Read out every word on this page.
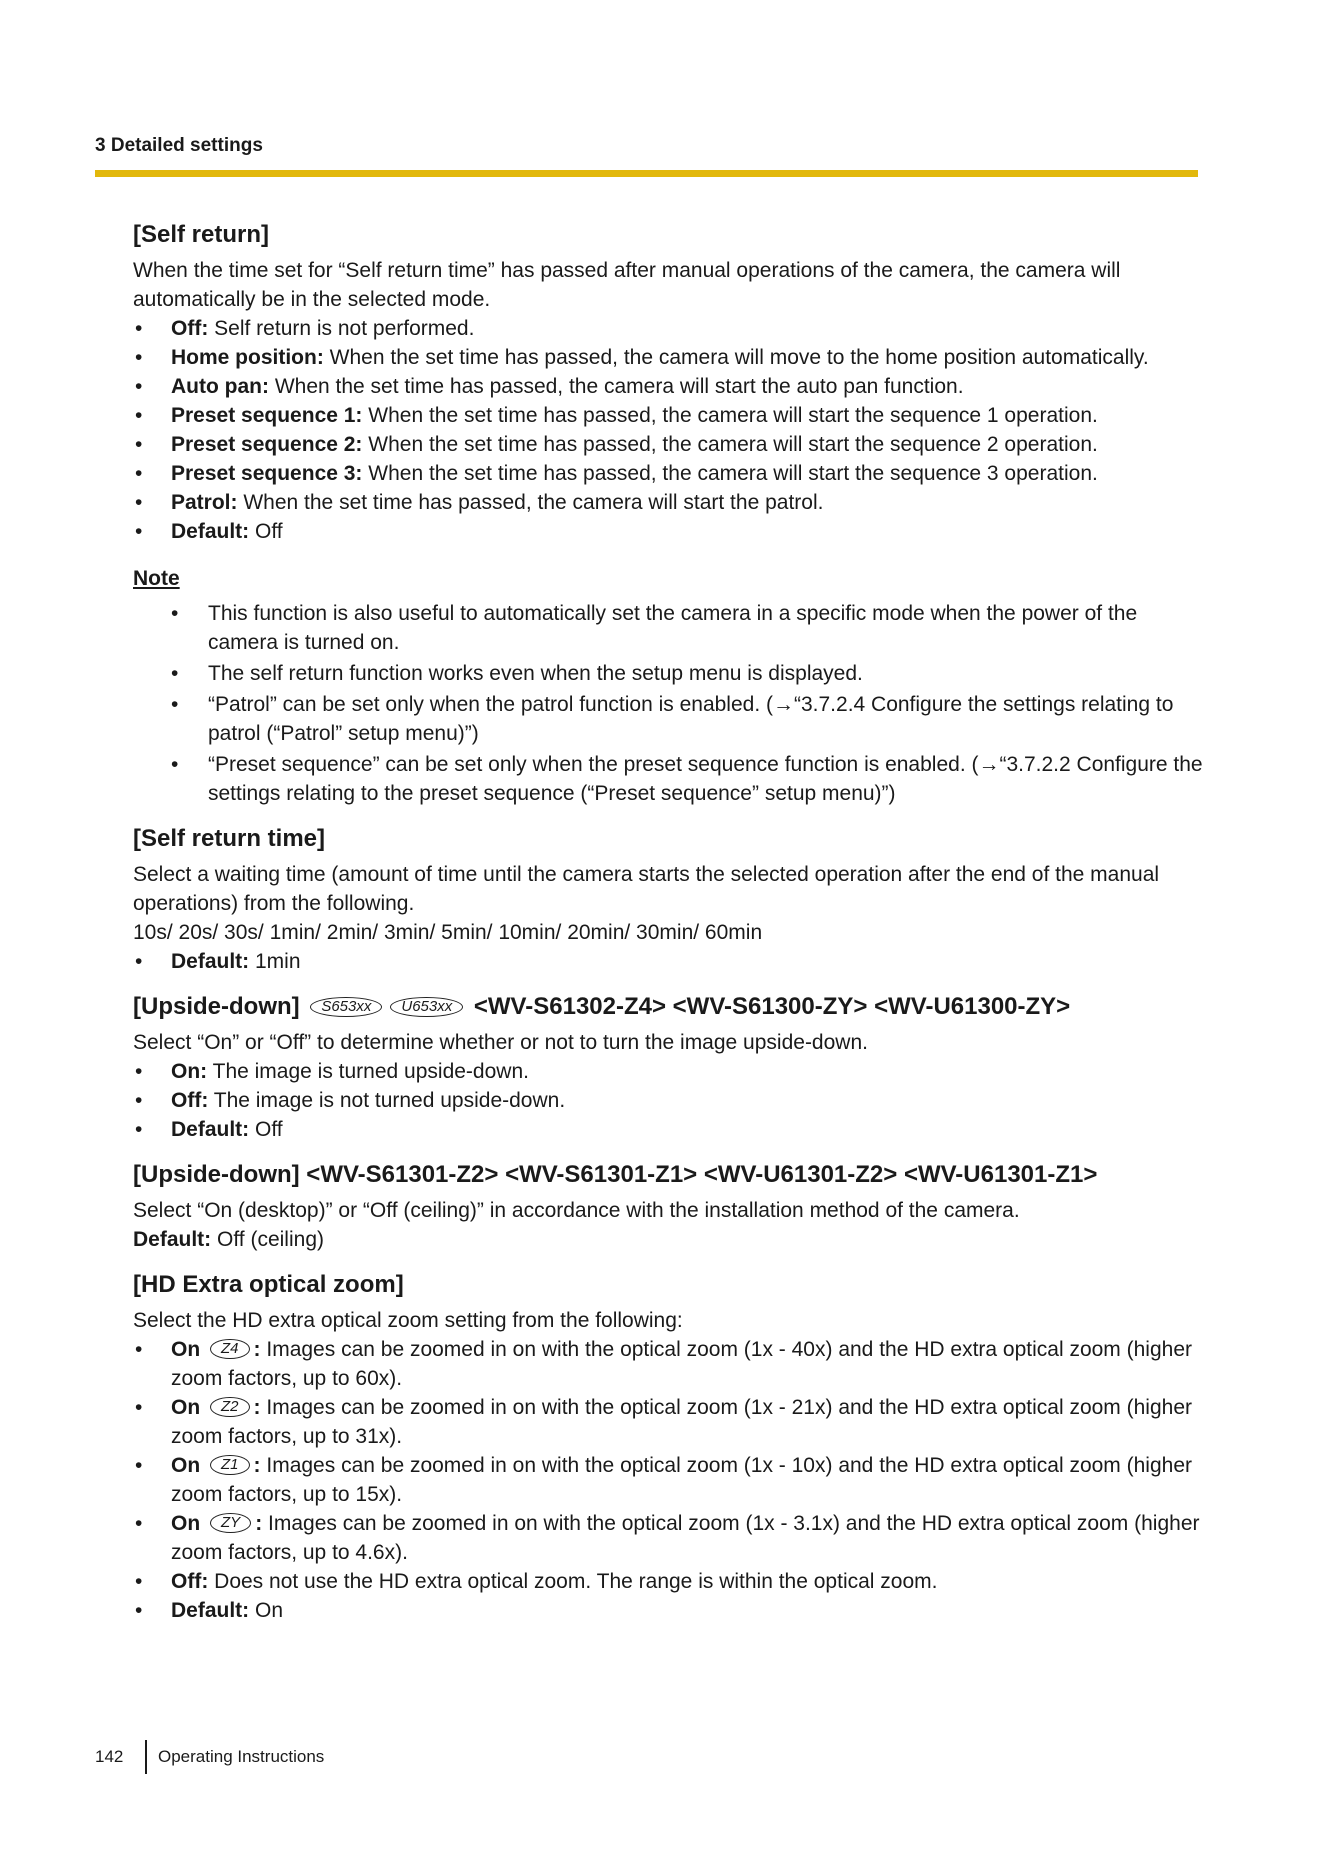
3 Detailed settings
[Self return]

When the time set for “Self return time” has passed after manual operations of the camera, the camera will automatically be in the selected mode.

• Off: Self return is not performed.
• Home position: When the set time has passed, the camera will move to the home position automatically.
• Auto pan: When the set time has passed, the camera will start the auto pan function.
• Preset sequence 1: When the set time has passed, the camera will start the sequence 1 operation.
• Preset sequence 2: When the set time has passed, the camera will start the sequence 2 operation.
• Preset sequence 3: When the set time has passed, the camera will start the sequence 3 operation.
• Patrol: When the set time has passed, the camera will start the patrol.
• Default: Off
Note
• This function is also useful to automatically set the camera in a specific mode when the power of the camera is turned on.
• The self return function works even when the setup menu is displayed.
• “Patrol” can be set only when the patrol function is enabled. (→“3.7.2.4 Configure the settings relating to patrol (“Patrol” setup menu)”)
• “Preset sequence” can be set only when the preset sequence function is enabled. (→“3.7.2.2 Configure the settings relating to the preset sequence (“Preset sequence” setup menu)”)
[Self return time]

Select a waiting time (amount of time until the camera starts the selected operation after the end of the manual operations) from the following.

10s/ 20s/ 30s/ 1min/ 2min/ 3min/ 5min/ 10min/ 20min/ 30min/ 60min

• Default: 1min
[Upside-down] S653xx U653xx <WV-S61302-Z4> <WV-S61300-ZY> <WV-U61300-ZY>

Select “On” or “Off” to determine whether or not to turn the image upside-down.

• On: The image is turned upside-down.
• Off: The image is not turned upside-down.
• Default: Off
[Upside-down] <WV-S61301-Z2> <WV-S61301-Z1> <WV-U61301-Z2> <WV-U61301-Z1>

Select “On (desktop)” or “Off (ceiling)” in accordance with the installation method of the camera.

Default: Off (ceiling)

[HD Extra optical zoom]

Select the HD extra optical zoom setting from the following:

• On Z4 : Images can be zoomed in on with the optical zoom (1x - 40x) and the HD extra optical zoom (higher zoom factors, up to 60x).
• On Z2 : Images can be zoomed in on with the optical zoom (1x - 21x) and the HD extra optical zoom (higher zoom factors, up to 31x).
• On Z1 : Images can be zoomed in on with the optical zoom (1x - 10x) and the HD extra optical zoom (higher zoom factors, up to 15x).
• On ZY : Images can be zoomed in on with the optical zoom (1x - 3.1x) and the HD extra optical zoom (higher zoom factors, up to 4.6x).
• Off: Does not use the HD extra optical zoom. The range is within the optical zoom.
• Default: On
142 Operating Instructions
